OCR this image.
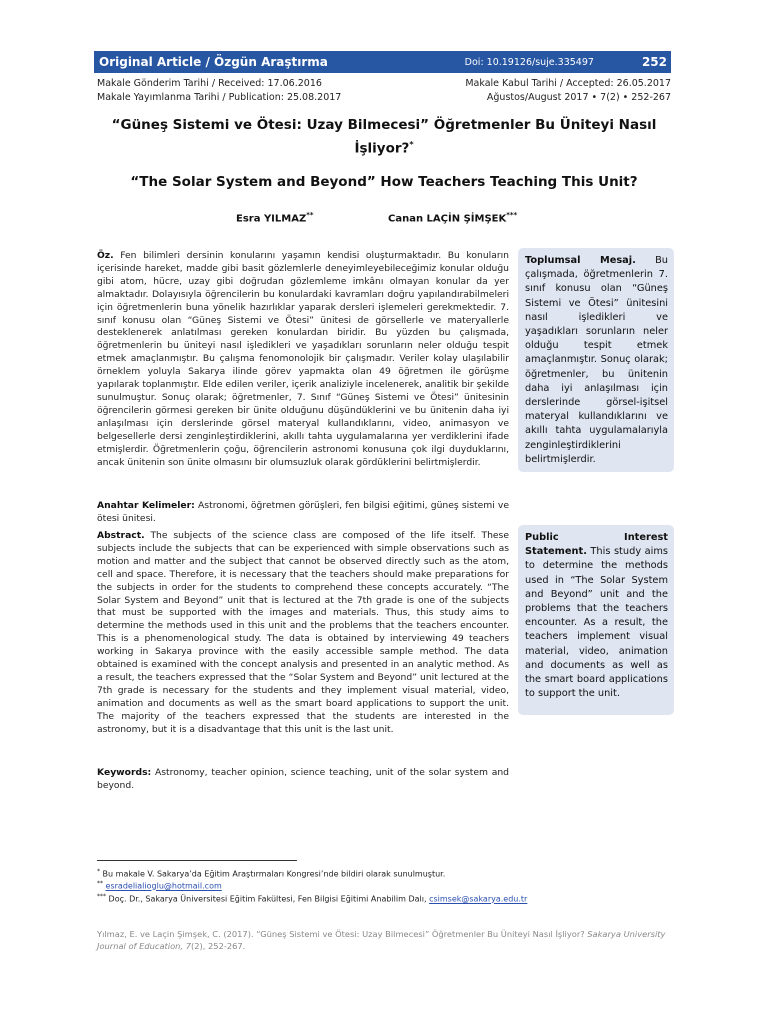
Original Article / Özgün Araştırma	Doi: 10.19126/suje.335497	252
Makale Gönderim Tarihi / Received: 17.06.2016	Makale Kabul Tarihi / Accepted: 26.05.2017
Makale Yayımlanma Tarihi / Publication: 25.08.2017	Ağustos/August 2017 • 7(2) • 252-267
“Güneş Sistemi ve Ötesi: Uzay Bilmecesi” Öğretmenler Bu Üniteyi Nasıl İşliyor?*
“The Solar System and Beyond” How Teachers Teaching This Unit?
Esra YILMAZ**	Canan LAÇİN ŞİMŞEK***
Öz. Fen bilimleri dersinin konularını yaşamın kendisi oluşturmaktadır. Bu konuların içerisinde hareket, madde gibi basit gözlemlerle deneyimleyebileceğimiz konular olduğu gibi atom, hücre, uzay gibi doğrudan gözlemleme imkânı olmayan konular da yer almaktadır. Dolayısıyla öğrencilerin bu konulardaki kavramları doğru yapılandırabilmeleri için öğretmenlerin buna yönelik hazırlıklar yaparak dersleri işlemeleri gerekmektedir. 7. sınıf konusu olan “Güneş Sistemi ve Ötesi” ünitesi de görsellerle ve materyallerle desteklenerek anlatılması gereken konulardan biridir. Bu yüzden bu çalışmada, öğretmenlerin bu üniteyi nasıl işledikleri ve yaşadıkları sorunların neler olduğu tespit etmek amaçlanmıştır. Bu çalışma fenomonolojik bir çalışmadır. Veriler kolay ulaşılabilir örneklem yoluyla Sakarya ilinde görev yapmakta olan 49 öğretmen ile görüşme yapılarak toplanmıştır. Elde edilen veriler, içerik analiziyle incelenerek, analitik bir şekilde sunulmuştur. Sonuç olarak; öğretmenler, 7. Sınıf “Güneş Sistemi ve Ötesi” ünitesinin öğrencilerin görmesi gereken bir ünite olduğunu düşündüklerini ve bu ünitenin daha iyi anlaşılması için derslerinde görsel materyal kullandıklarını, video, animasyon ve belgesellerle dersi zenginleştirdiklerini, akıllı tahta uygulamalarına yer verdiklerini ifade etmişlerdir. Öğretmenlerin çoğu, öğrencilerin astronomi konusuna çok ilgi duyduklarını, ancak ünitenin son ünite olmasını bir olumsuzluk olarak gördüklerini belirtmişlerdir.
Anahtar Kelimeler: Astronomi, öğretmen görüşleri, fen bilgisi eğitimi, güneş sistemi ve ötesi ünitesi.
Abstract. The subjects of the science class are composed of the life itself. These subjects include the subjects that can be experienced with simple observations such as motion and matter and the subject that cannot be observed directly such as the atom, cell and space. Therefore, it is necessary that the teachers should make preparations for the subjects in order for the students to comprehend these concepts accurately. “The Solar System and Beyond” unit that is lectured at the 7th grade is one of the subjects that must be supported with the images and materials. Thus, this study aims to determine the methods used in this unit and the problems that the teachers encounter. This is a phenomenological study. The data is obtained by interviewing 49 teachers working in Sakarya province with the easily accessible sample method. The data obtained is examined with the concept analysis and presented in an analytic method. As a result, the teachers expressed that the “Solar System and Beyond” unit lectured at the 7th grade is necessary for the students and they implement visual material, video, animation and documents as well as the smart board applications to support the unit. The majority of the teachers expressed that the students are interested in the astronomy, but it is a disadvantage that this unit is the last unit.
Keywords: Astronomy, teacher opinion, science teaching, unit of the solar system and beyond.
Toplumsal Mesaj. Bu çalışmada, öğretmenlerin 7. sınıf konusu olan “Güneş Sistemi ve Ötesi” ünitesini nasıl işledikleri ve yaşadıkları sorunların neler olduğu tespit etmek amaçlanmıştır. Sonuç olarak; öğretmenler, bu ünitenin daha iyi anlaşılması için derslerinde görsel-işitsel materyal kullandıklarını ve akıllı tahta uygulamalarıyla zenginleştirdiklerini belirtmişlerdir.
Public Interest Statement. This study aims to determine the methods used in “The Solar System and Beyond” unit and the problems that the teachers encounter. As a result, the teachers implement visual material, video, animation and documents as well as the smart board applications to support the unit.
* Bu makale V. Sakarya’da Eğitim Araştırmaları Kongresi’nde bildiri olarak sunulmuştur.
** esradelialioglu@hotmail.com
*** Doç. Dr., Sakarya Üniversitesi Eğitim Fakültesi, Fen Bilgisi Eğitimi Anabilim Dalı, csimsek@sakarya.edu.tr
Yılmaz, E. ve Laçin Şimşek, C. (2017). “Güneş Sistemi ve Ötesi: Uzay Bilmecesi” Öğretmenler Bu Üniteyi Nasıl İşliyor? Sakarya University Journal of Education, 7(2), 252-267.
